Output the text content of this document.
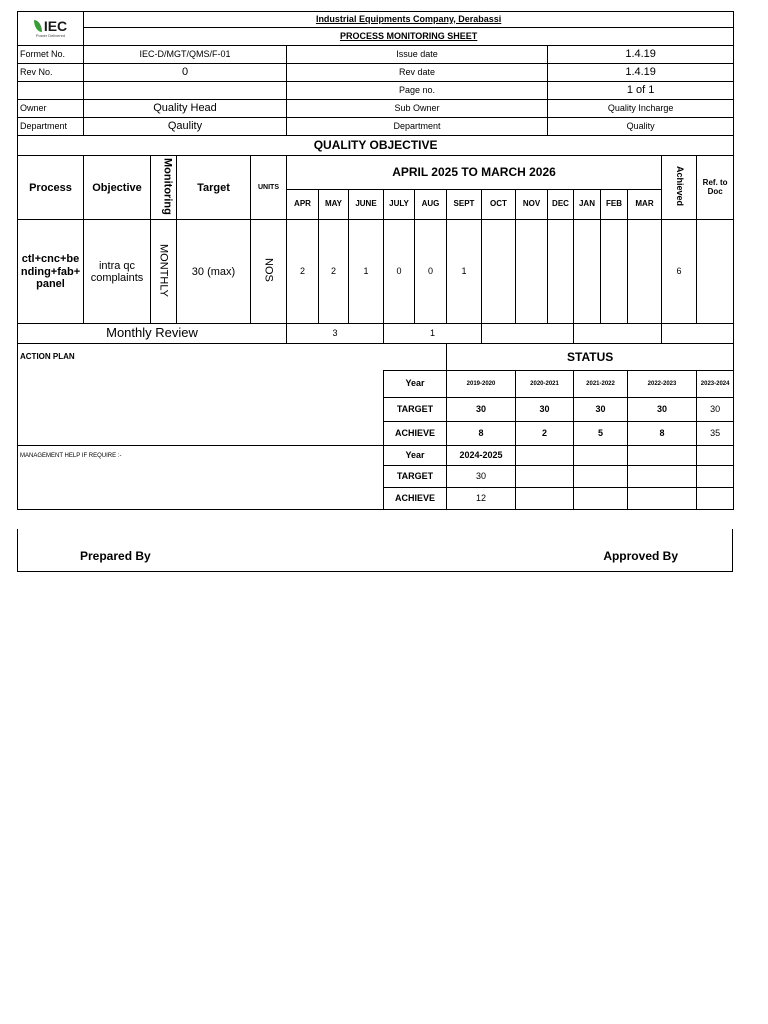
IEC
Power Delivered	Industrial Equipments Company, Derabassi																	
	PROCESS MONITORING SHEET																	
Formet No.	IEC-D/MGT/QMS/F-01				Issue date								1.4.19					
Rev No.	0				Rev date								1.4.19					
					Page no.								1 of 1					
Owner	Quality Head				Sub Owner								Quality Incharge					
Department	Qaulity				Department								Quality					
QUALITY OBJECTIVE																		
Process	Objective	Monitoring	Target	UNITS	APRIL 2025 TO MARCH 2026												Achieved	Ref. to Doc
					APR	MAY	JUNE	JULY	AUG	SEPT	OCT	NOV	DEC	JAN	FEB	MAR		
ctl+cnc+bending+fab+panel	intra qc complaints	MONTHLY	30 (max)	NOS	2	2	1	0	0	1							6	
Monthly Review					3			1										
ACTION PLAN										STATUS								
								Year		2019-2020		2020-2021		2021-2022		2022-2023		2023-2024
								TARGET		30		30		30		30		30
								ACHIEVE		8		2		5		8		35
MANAGEMENT HELP IF REQUIRE :-								Year		2024-2025								
								TARGET		30								
								ACHIEVE		12								
Prepared By	Approved By
